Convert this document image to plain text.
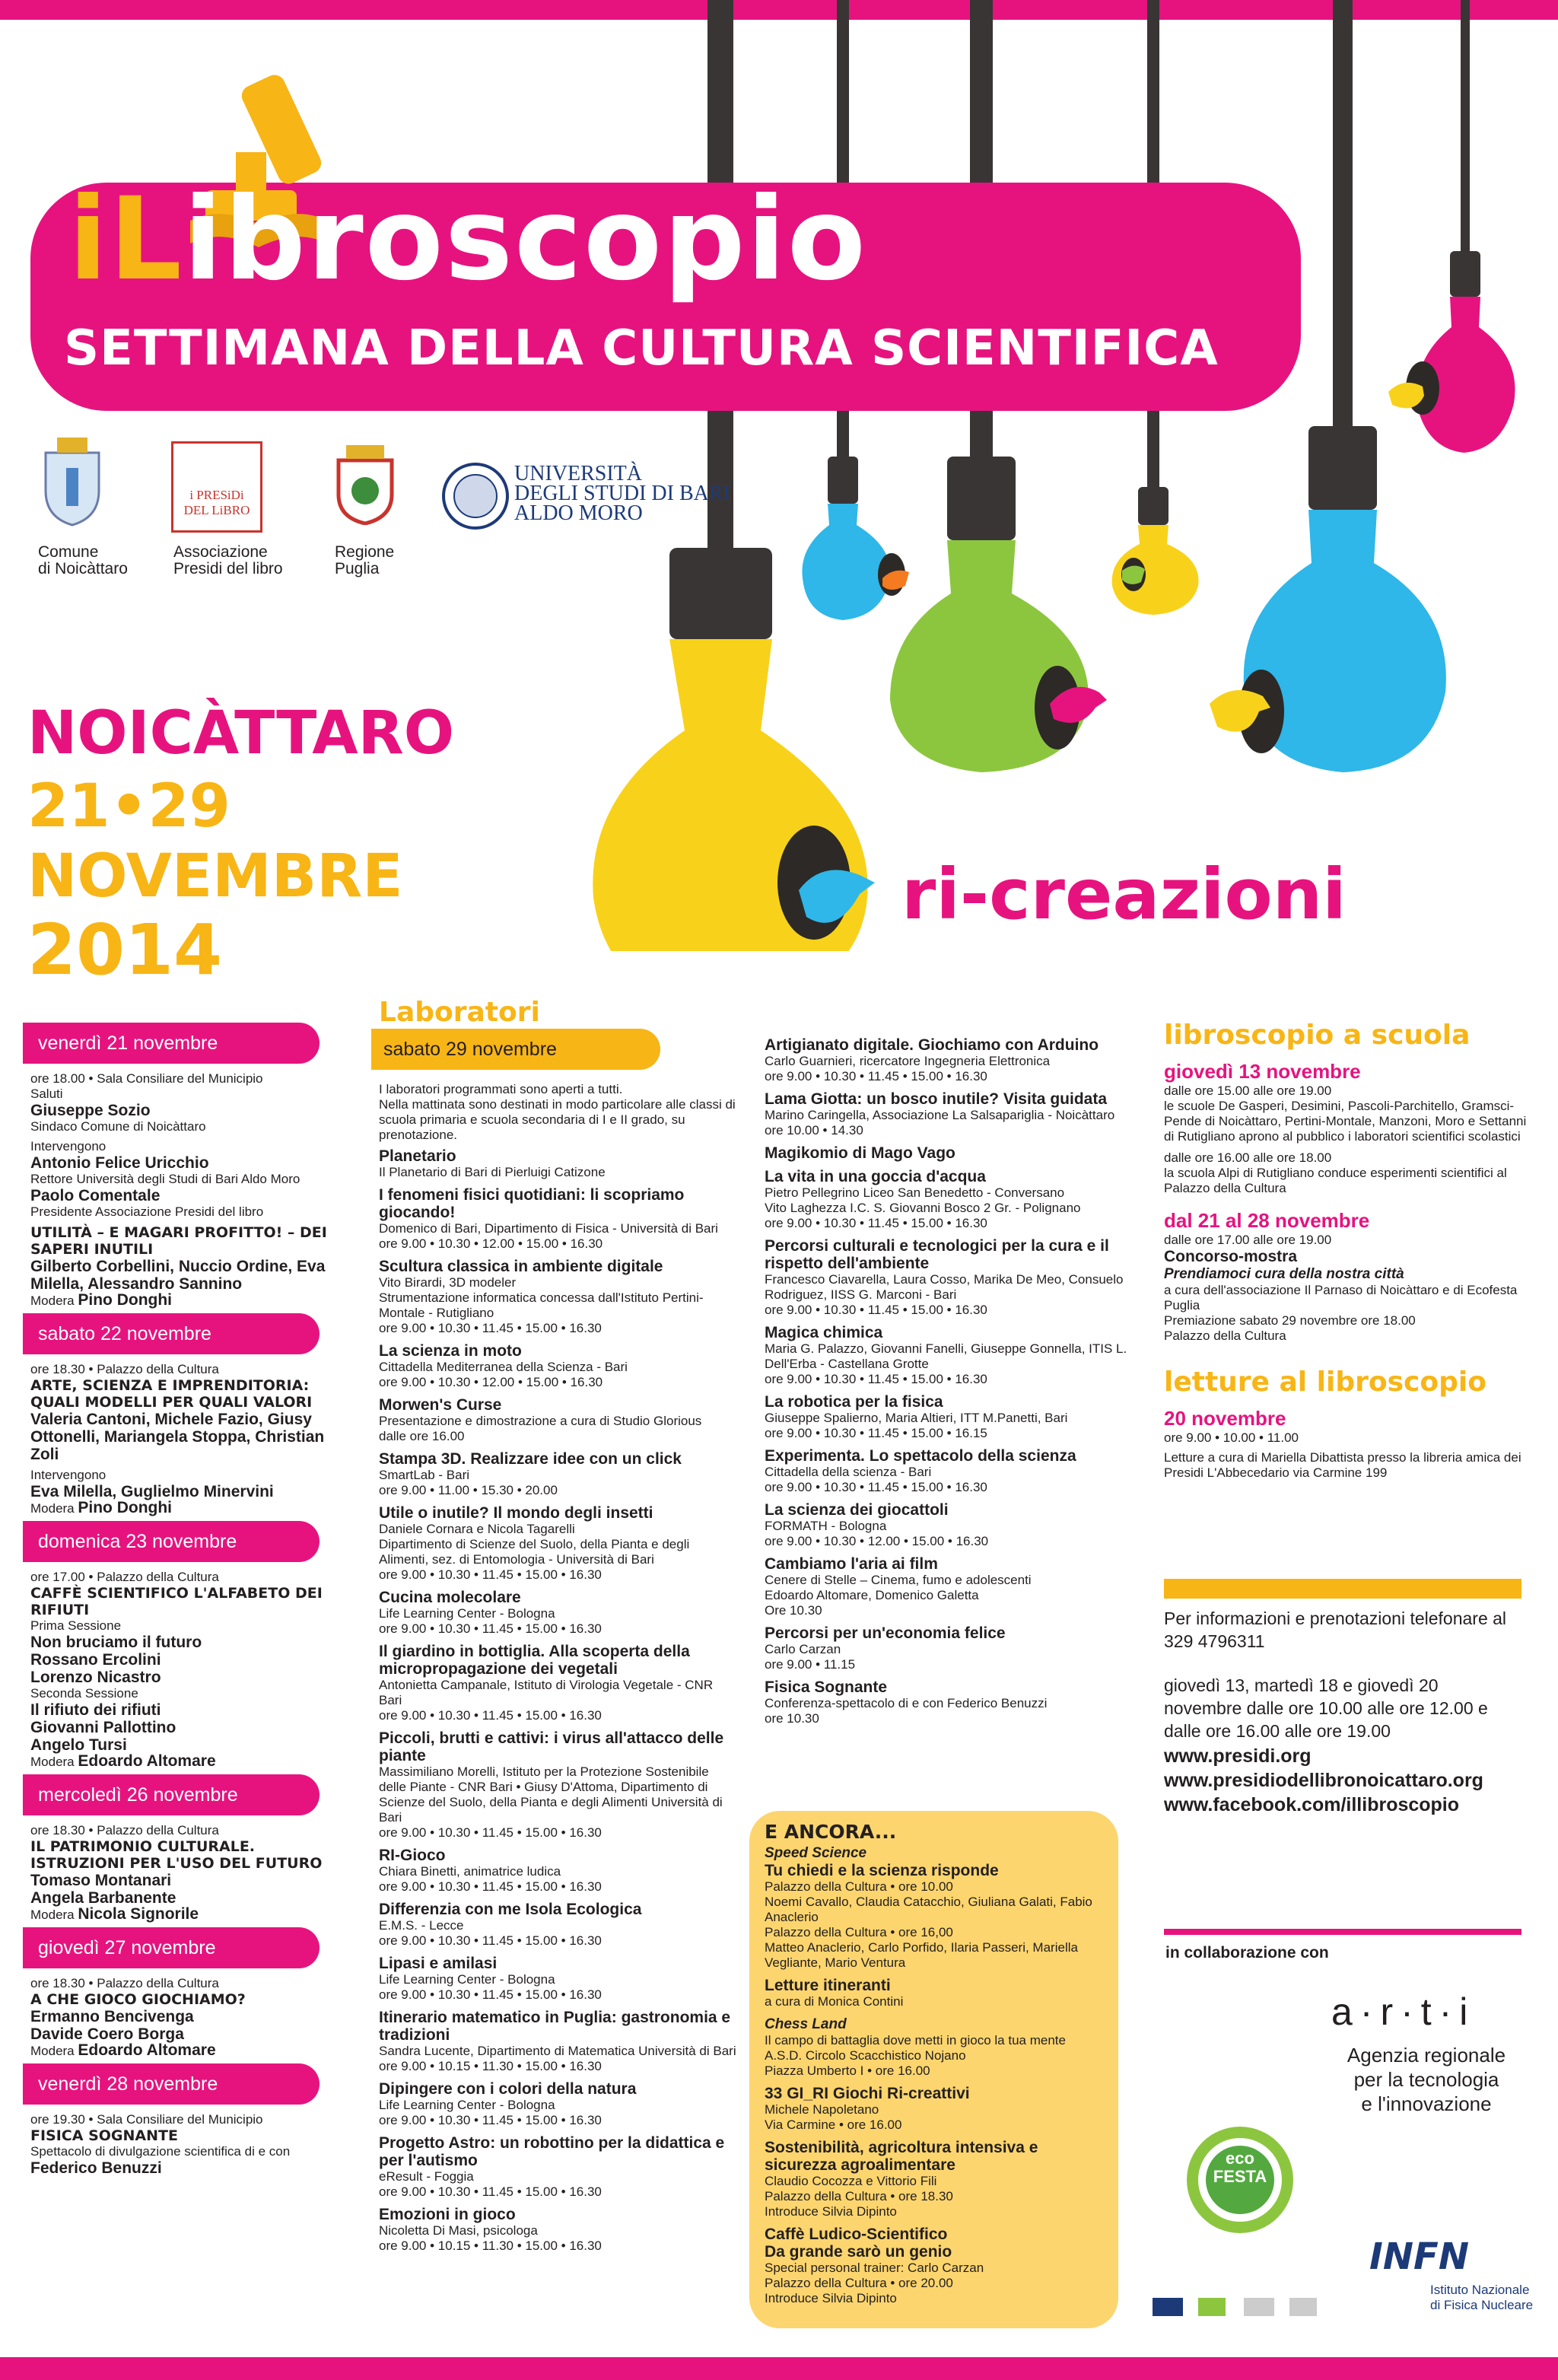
iLibroscopio
SETTIMANA DELLA CULTURA SCIENTIFICA
Comune
di Noicàttaro
i PRESiDi
DEL LiBRO
Associazione
Presidi del libro
Regione
Puglia
UNIVERSITÀ
DEGLI STUDI DI BARI
ALDO MORO
NOICÀTTARO
21•29
NOVEMBRE
2014
ri-creazioni
venerdì 21 novembre
ore 18.00 • Sala Consiliare del Municipio
Saluti
Giuseppe Sozio
Sindaco Comune di Noicàttaro
Intervengono
Antonio Felice Uricchio
Rettore Università degli Studi di Bari Aldo Moro
Paolo Comentale
Presidente Associazione Presidi del libro
UTILITÀ – E MAGARI PROFITTO! – DEI SAPERI INUTILI
Gilberto Corbellini, Nuccio Ordine, Eva Milella, Alessandro Sannino
Modera Pino Donghi
sabato 22 novembre
ore 18.30 • Palazzo della Cultura
ARTE, SCIENZA E IMPRENDITORIA: QUALI MODELLI PER QUALI VALORI
Valeria Cantoni, Michele Fazio, Giusy Ottonelli, Mariangela Stoppa, Christian Zoli
Intervengono
Eva Milella, Guglielmo Minervini
Modera Pino Donghi
domenica 23 novembre
ore 17.00 • Palazzo della Cultura
CAFFÈ SCIENTIFICO L'ALFABETO DEI RIFIUTI
Prima Sessione
Non bruciamo il futuro
Rossano Ercolini
Lorenzo Nicastro
Seconda Sessione
Il rifiuto dei rifiuti
Giovanni Pallottino
Angelo Tursi
Modera Edoardo Altomare
mercoledì 26 novembre
ore 18.30 • Palazzo della Cultura
IL PATRIMONIO CULTURALE. ISTRUZIONI PER L'USO DEL FUTURO
Tomaso Montanari
Angela Barbanente
Modera Nicola Signorile
giovedì 27 novembre
ore 18.30 • Palazzo della Cultura
A CHE GIOCO GIOCHIAMO?
Ermanno Bencivenga
Davide Coero Borga
Modera Edoardo Altomare
venerdì 28 novembre
ore 19.30 • Sala Consiliare del Municipio
FISICA SOGNANTE
Spettacolo di divulgazione scientifica di e con
Federico Benuzzi
Laboratori
sabato 29 novembre
I laboratori programmati sono aperti a tutti.
Nella mattinata sono destinati in modo particolare alle classi di scuola primaria e scuola secondaria di I e II grado, su prenotazione.
Planetario
Il Planetario di Bari di Pierluigi Catizone
I fenomeni fisici quotidiani: li scopriamo giocando!
Domenico di Bari, Dipartimento di Fisica - Università di Bari
ore 9.00 • 10.30 • 12.00 • 15.00 • 16.30
Scultura classica in ambiente digitale
Vito Birardi, 3D modeler
Strumentazione informatica concessa dall'Istituto Pertini-Montale - Rutigliano
ore 9.00 • 10.30 • 11.45 • 15.00 • 16.30
La scienza in moto
Cittadella Mediterranea della Scienza - Bari
ore 9.00 • 10.30 • 12.00 • 15.00 • 16.30
Morwen's Curse
Presentazione e dimostrazione a cura di Studio Glorious
dalle ore 16.00
Stampa 3D. Realizzare idee con un click
SmartLab - Bari
ore 9.00 • 11.00 • 15.30 • 20.00
Utile o inutile? Il mondo degli insetti
Daniele Cornara e Nicola Tagarelli
Dipartimento di Scienze del Suolo, della Pianta e degli Alimenti, sez. di Entomologia - Università di Bari
ore 9.00 • 10.30 • 11.45 • 15.00 • 16.30
Cucina molecolare
Life Learning Center - Bologna
ore 9.00 • 10.30 • 11.45 • 15.00 • 16.30
Il giardino in bottiglia. Alla scoperta della micropropagazione dei vegetali
Antonietta Campanale, Istituto di Virologia Vegetale - CNR Bari
ore 9.00 • 10.30 • 11.45 • 15.00 • 16.30
Piccoli, brutti e cattivi: i virus all'attacco delle piante
Massimiliano Morelli, Istituto per la Protezione Sostenibile delle Piante - CNR Bari • Giusy D'Attoma, Dipartimento di Scienze del Suolo, della Pianta e degli Alimenti Università di Bari
ore 9.00 • 10.30 • 11.45 • 15.00 • 16.30
RI-Gioco
Chiara Binetti, animatrice ludica
ore 9.00 • 10.30 • 11.45 • 15.00 • 16.30
Differenzia con me Isola Ecologica
E.M.S. - Lecce
ore 9.00 • 10.30 • 11.45 • 15.00 • 16.30
Lipasi e amilasi
Life Learning Center - Bologna
ore 9.00 • 10.30 • 11.45 • 15.00 • 16.30
Itinerario matematico in Puglia: gastronomia e tradizioni
Sandra Lucente, Dipartimento di Matematica Università di Bari
ore 9.00 • 10.15 • 11.30 • 15.00 • 16.30
Dipingere con i colori della natura
Life Learning Center - Bologna
ore 9.00 • 10.30 • 11.45 • 15.00 • 16.30
Progetto Astro: un robottino per la didattica e per l'autismo
eResult - Foggia
ore 9.00 • 10.30 • 11.45 • 15.00 • 16.30
Emozioni in gioco
Nicoletta Di Masi, psicologa
ore 9.00 • 10.15 • 11.30 • 15.00 • 16.30
Artigianato digitale. Giochiamo con Arduino
Carlo Guarnieri, ricercatore Ingegneria Elettronica
ore 9.00 • 10.30 • 11.45 • 15.00 • 16.30
Lama Giotta: un bosco inutile? Visita guidata
Marino Caringella, Associazione La Salsapariglia - Noicàttaro
ore 10.00 • 14.30
Magikomio di Mago Vago
La vita in una goccia d'acqua
Pietro Pellegrino Liceo San Benedetto - Conversano
Vito Laghezza I.C. S. Giovanni Bosco 2 Gr. - Polignano
ore 9.00 • 10.30 • 11.45 • 15.00 • 16.30
Percorsi culturali e tecnologici per la cura e il rispetto dell'ambiente
Francesco Ciavarella, Laura Cosso, Marika De Meo, Consuelo Rodriguez, IISS G. Marconi - Bari
ore 9.00 • 10.30 • 11.45 • 15.00 • 16.30
Magica chimica
Maria G. Palazzo, Giovanni Fanelli, Giuseppe Gonnella, ITIS L. Dell'Erba - Castellana Grotte
ore 9.00 • 10.30 • 11.45 • 15.00 • 16.30
La robotica per la fisica
Giuseppe Spalierno, Maria Altieri, ITT M.Panetti, Bari
ore 9.00 • 10.30 • 11.45 • 15.00 • 16.15
Experimenta. Lo spettacolo della scienza
Cittadella della scienza - Bari
ore 9.00 • 10.30 • 11.45 • 15.00 • 16.30
La scienza dei giocattoli
FORMATH - Bologna
ore 9.00 • 10.30 • 12.00 • 15.00 • 16.30
Cambiamo l'aria ai film
Cenere di Stelle – Cinema, fumo e adolescenti
Edoardo Altomare, Domenico Galetta
Ore 10.30
Percorsi per un'economia felice
Carlo Carzan
ore 9.00 • 11.15
Fisica Sognante
Conferenza-spettacolo di e con Federico Benuzzi
ore 10.30
E ANCORA...
Speed Science
Tu chiedi e la scienza risponde
Palazzo della Cultura • ore 10.00
Noemi Cavallo, Claudia Catacchio, Giuliana Galati, Fabio Anaclerio
Palazzo della Cultura • ore 16,00
Matteo Anaclerio, Carlo Porfido, Ilaria Passeri, Mariella Vegliante, Mario Ventura
Letture itineranti
a cura di Monica Contini
Chess Land
Il campo di battaglia dove metti in gioco la tua mente
A.S.D. Circolo Scacchistico Nojano
Piazza Umberto I • ore 16.00
33 GI_RI Giochi Ri-creattivi
Michele Napoletano
Via Carmine • ore 16.00
Sostenibilità, agricoltura intensiva e sicurezza agroalimentare
Claudio Cocozza e Vittorio Fili
Palazzo della Cultura • ore 18.30
Introduce Silvia Dipinto
Caffè Ludico-Scientifico
Da grande sarò un genio
Special personal trainer: Carlo Carzan
Palazzo della Cultura • ore 20.00
Introduce Silvia Dipinto
libroscopio a scuola
giovedì 13 novembre
dalle ore 15.00 alle ore 19.00
le scuole De Gasperi, Desimini, Pascoli-Parchitello, Gramsci-Pende di Noicàttaro, Pertini-Montale, Manzoni, Moro e Settanni di Rutigliano aprono al pubblico i laboratori scientifici scolastici
dalle ore 16.00 alle ore 18.00
la scuola Alpi di Rutigliano conduce esperimenti scientifici al Palazzo della Cultura
dal 21 al 28 novembre
dalle ore 17.00 alle ore 19.00
Concorso-mostra
Prendiamoci cura della nostra città
a cura dell'associazione Il Parnaso di Noicàttaro e di Ecofesta Puglia
Premiazione sabato 29 novembre ore 18.00
Palazzo della Cultura
letture al libroscopio
20 novembre
ore 9.00 • 10.00 • 11.00
Letture a cura di Mariella Dibattista presso la libreria amica dei Presidi L'Abbecedario via Carmine 199
Per informazioni e prenotazioni telefonare al 329 4796311
giovedì 13, martedì 18 e giovedì 20 novembre dalle ore 10.00 alle ore 12.00 e dalle ore 16.00 alle ore 19.00
www.presidi.org
www.presidiodellibronoicattaro.org
www.facebook.com/illibroscopio
in collaborazione con
a·r·t·i
Agenzia regionale
per la tecnologia
e l'innovazione
eco
FESTA
INFN
Istituto Nazionale
di Fisica Nucleare
